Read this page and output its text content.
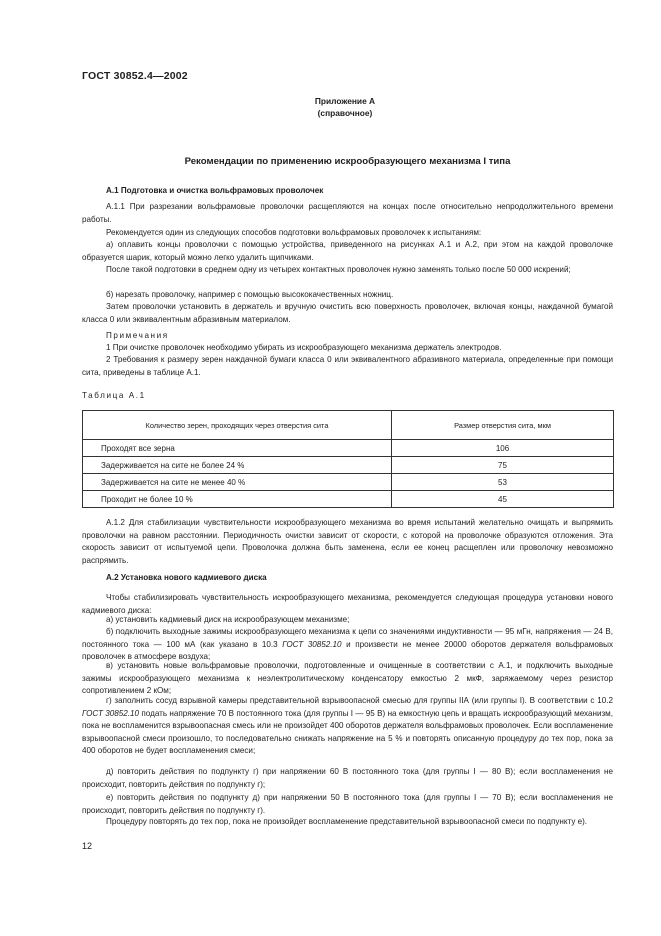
ГОСТ 30852.4—2002
Приложение А
(справочное)
Рекомендации по применению искрообразующего механизма I типа
А.1 Подготовка и очистка вольфрамовых проволочек
А.1.1 При разрезании вольфрамовые проволочки расщепляются на концах после относительно непродолжительного времени работы.
Рекомендуется один из следующих способов подготовки вольфрамовых проволочек к испытаниям:
а) оплавить концы проволочки с помощью устройства, приведенного на рисунках А.1 и А.2, при этом на каждой проволочке образуется шарик, который можно легко удалить щипчиками.
После такой подготовки в среднем одну из четырех контактных проволочек нужно заменять только после 50 000 искрений;
б) нарезать проволочку, например с помощью высококачественных ножниц.
Затем проволочки установить в держатель и вручную очистить всю поверхность проволочек, включая концы, наждачной бумагой класса 0 или эквивалентным абразивным материалом.
Примечания
1 При очистке проволочек необходимо убирать из искрообразующего механизма держатель электродов.
2 Требования к размеру зерен наждачной бумаги класса 0 или эквивалентного абразивного материала, определенные при помощи сита, приведены в таблице А.1.
Таблица А.1
Количество зерен, проходящих через отверстия сита	Размер отверстия сита, мкм
Проходят все зерна	106
Задерживается на сите не более 24 %	75
Задерживается на сите не менее 40 %	53
Проходит не более 10 %	45
А.1.2 Для стабилизации чувствительности искрообразующего механизма во время испытаний желательно очищать и выпрямить проволочки на равном расстоянии. Периодичность очистки зависит от скорости, с которой на проволочке образуются отложения. Эта скорость зависит от испытуемой цепи. Проволочка должна быть заменена, если ее конец расщеплен или проволочку невозможно распрямить.
А.2 Установка нового кадмиевого диска
Чтобы стабилизировать чувствительность искрообразующего механизма, рекомендуется следующая процедура установки нового кадмиевого диска:
а) установить кадмиевый диск на искрообразующем механизме;
б) подключить выходные зажимы искрообразующего механизма к цепи со значениями индуктивности — 95 мГн, напряжения — 24 В, постоянного тока — 100 мА (как указано в 10.3 ГОСТ 30852.10 и произвести не менее 20000 оборотов держателя вольфрамовых проволочек в атмосфере воздуха;
в) установить новые вольфрамовые проволочки, подготовленные и очищенные в соответствии с А.1, и подключить выходные зажимы искрообразующего механизма к неэлектролитическому конденсатору емкостью 2 мкФ, заряжаемому через резистор сопротивлением 2 кОм;
г) заполнить сосуд взрывной камеры представительной взрывоопасной смесью для группы IIА (или группы I). В соответствии с 10.2 ГОСТ 30852.10 подать напряжение 70 В постоянного тока (для группы I — 95 В) на емкостную цепь и вращать искрообразующий механизм, пока не воспламенится взрывоопасная смесь или не произойдет 400 оборотов держателя вольфрамовых проволочек. Если воспламенение взрывоопасной смеси произошло, то последовательно снижать напряжение на 5 % и повторять описанную процедуру до тех пор, пока за 400 оборотов не будет воспламенения смеси;
д) повторить действия по подпункту г) при напряжении 60 В постоянного тока (для группы I — 80 В); если воспламенения не происходит, повторить действия по подпункту г);
е) повторить действия по подпункту д) при напряжении 50 В постоянного тока (для группы I — 70 В); если воспламенения не происходит, повторить действия по подпункту г).
Процедуру повторять до тех пор, пока не произойдет воспламенение представительной взрывоопасной смеси по подпункту е).
12
